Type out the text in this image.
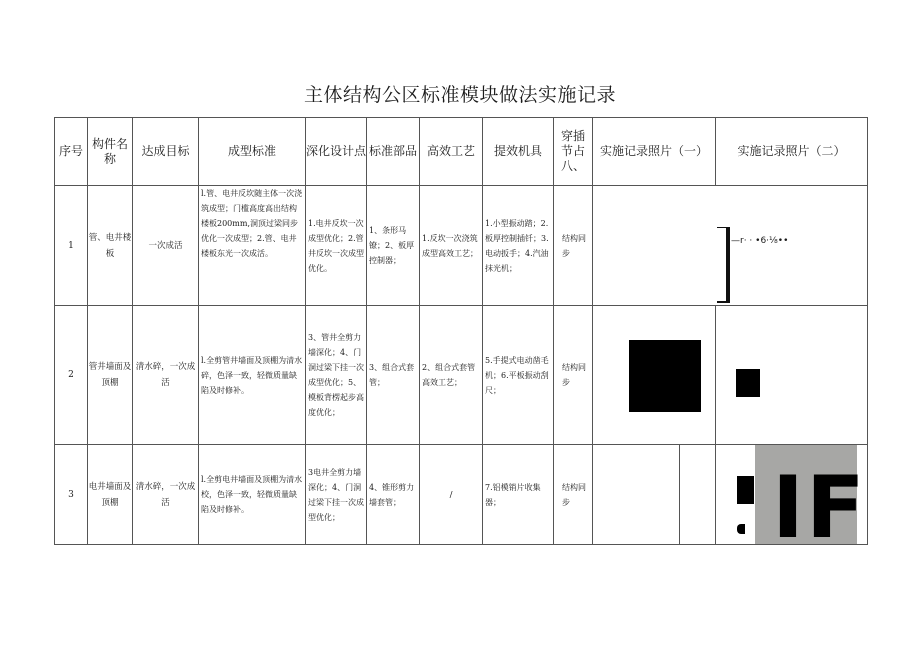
主体结构公区标准模块做法实施记录
序号	构件名称	达成目标	成型标准	深化设计点	标准部品	高效工艺	提效机具	穿插节占八、	实施记录照片（一）	实施记录照片（二）
1	管、电井楼板	一次成活	l.管、电井反坎随主体一次浇筑成型；门槛高度高出结构楼板200mm,洞顶过梁同步优化一次成型；2.管、电井楼板东光一次成活。	1.电井反坎一次成型优化；2.管井反坎一次成型优化。	1、条形马镣；2、板厚控制器；	1.反坎一次浇筑成型高效工艺；	1.小型振动踏；2.板厚控制插钎；3.电动扳手；4.汽油抹光机；	结构同步	—r· · •6·⅛••	

2	管井墙面及顶棚	清水碎，一次成活	l.全剪管井墙面及顶棚为清水碎，色泽一致，轻微质量缺陷及时修补。	3、管井全剪力墙深化；4、门洞过梁下挂一次成型优化；5、模板背楞起步高度优化；	3、组合式套管；	2、组合式套管高效工艺；	5.手提式电动凿毛机；6.平板振动刮尺；	结构同步	

3	电井墙面及顶棚	清水碎，一次成活	l.全剪电井墙面及顶棚为清水校，色泽一致，轻微质量缺陷及时修补。	3电井全剪力墙深化；4、门洞过梁下挂一次成型优化；	4、锥形剪力墙套管；	/	7.铝模销片收集器；	结构同步		IF
